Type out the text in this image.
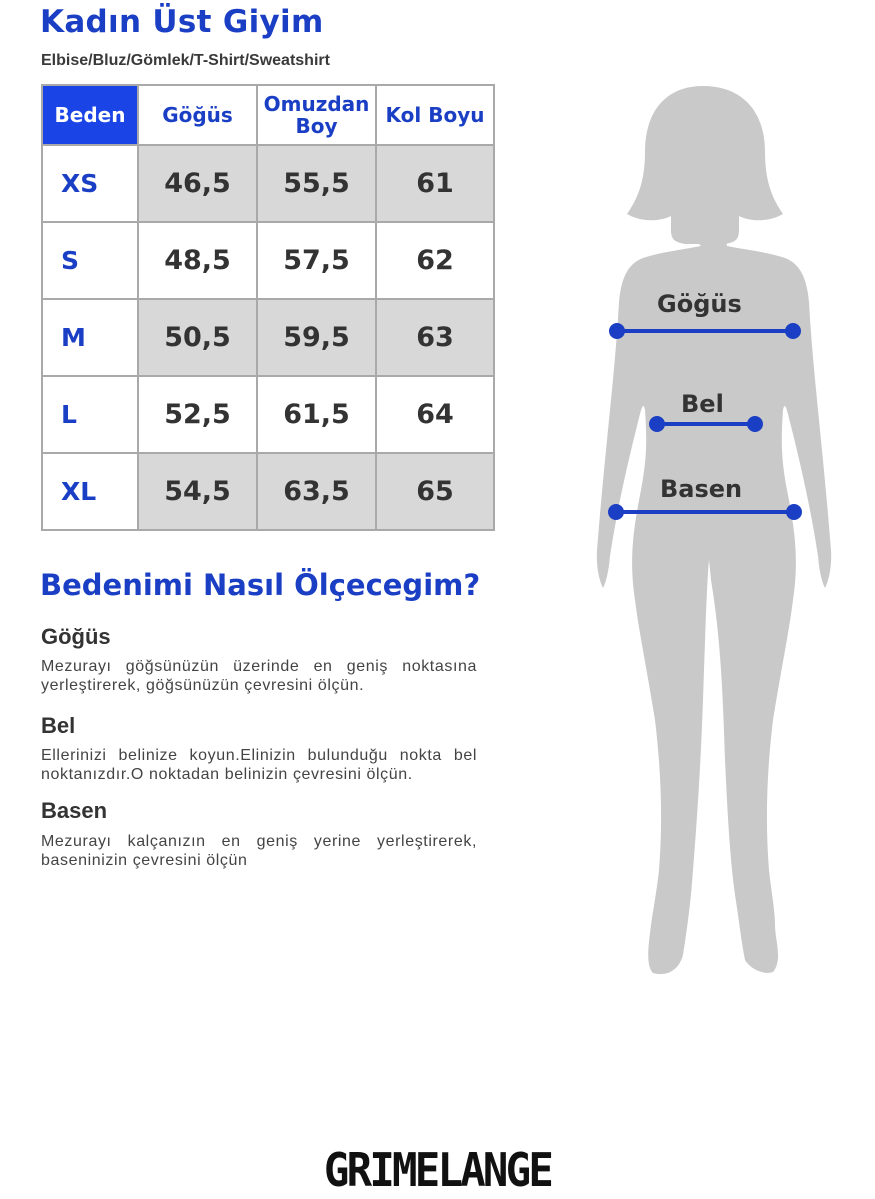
Kadın Üst Giyim
Elbise/Bluz/Gömlek/T-Shirt/Sweatshirt
Beden	Göğüs	Omuzdan Boy	Kol Boyu
XS	46,5	55,5	61
S	48,5	57,5	62
M	50,5	59,5	63
L	52,5	61,5	64
XL	54,5	63,5	65
Bedenimi Nasıl Ölçecegim?
Göğüs
Mezurayı göğsünüzün üzerinde en geniş noktasına yerleştirerek, göğsünüzün çevresini ölçün.
Bel
Ellerinizi belinize koyun.Elinizin bulunduğu nokta bel noktanızdır.O noktadan belinizin çevresini ölçün.
Basen
Mezurayı kalçanızın en geniş yerine yerleştirerek, baseninizin çevresini ölçün
Göğüs
Bel
Basen
GRIMELANGE
